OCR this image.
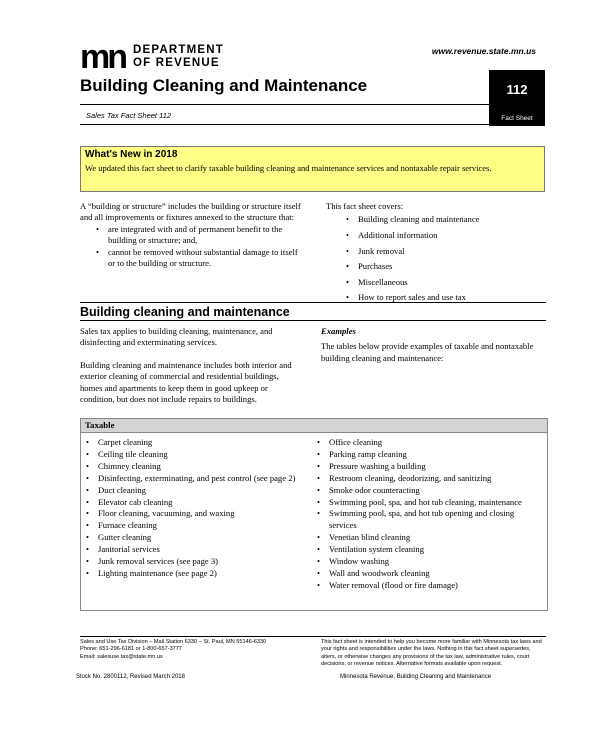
mn DEPARTMENT
OF REVENUE
www.revenue.state.mn.us
Building Cleaning and Maintenance	112
Fact Sheet
Sales Tax Fact Sheet 112
What's New in 2018
We updated this fact sheet to clarify taxable building cleaning and maintenance services and nontaxable repair services.
A “building or structure” includes the building or structure itself and all improvements or fixtures annexed to the structure that:
• are integrated with and of permanent benefit to the building or structure; and,
• cannot be removed without substantial damage to itself or to the building or structure.
This fact sheet covers:
• Building cleaning and maintenance
• Additional information
• Junk removal
• Purchases
• Miscellaneous
• How to report sales and use tax
Building cleaning and maintenance
Sales tax applies to building cleaning, maintenance, and disinfecting and exterminating services.
Building cleaning and maintenance includes both interior and exterior cleaning of commercial and residential buildings, homes and apartments to keep them in good upkeep or condition, but does not include repairs to buildings.
Examples
The tables below provide examples of taxable and nontaxable building cleaning and maintenance:
Taxable
• Carpet cleaning
• Ceiling tile cleaning
• Chimney cleaning
• Disinfecting, exterminating, and pest control (see page 2)
• Duct cleaning
• Elevator cab cleaning
• Floor cleaning, vacuuming, and waxing
• Furnace cleaning
• Gutter cleaning
• Janitorial services
• Junk removal services (see page 3)
• Lighting maintenance (see page 2)
• Office cleaning
• Parking ramp cleaning
• Pressure washing a building
• Restroom cleaning, deodorizing, and sanitizing
• Smoke odor counteracting
• Swimming pool, spa, and hot tub cleaning, maintenance
• Swimming pool, spa, and hot tub opening and closing services
• Venetian blind cleaning
• Ventilation system cleaning
• Window washing
• Wall and woodwork cleaning
• Water removal (flood or fire damage)
Sales and Use Tax Division – Mail Station 6330 – St. Paul, MN 55146-6330
Phone: 651-296-6181 or 1-800-657-3777
Email: salesuse.tax@state.mn.us
This fact sheet is intended to help you become more familiar with Minnesota tax laws and your rights and responsibilities under the laws. Nothing in this fact sheet supersedes, alters, or otherwise changes any provisions of the tax law, administrative rules, court decisions, or revenue notices. Alternative formats available upon request.
Stock No. 2800112, Revised March 2018	Minnesota Revenue, Building Cleaning and Maintenance
